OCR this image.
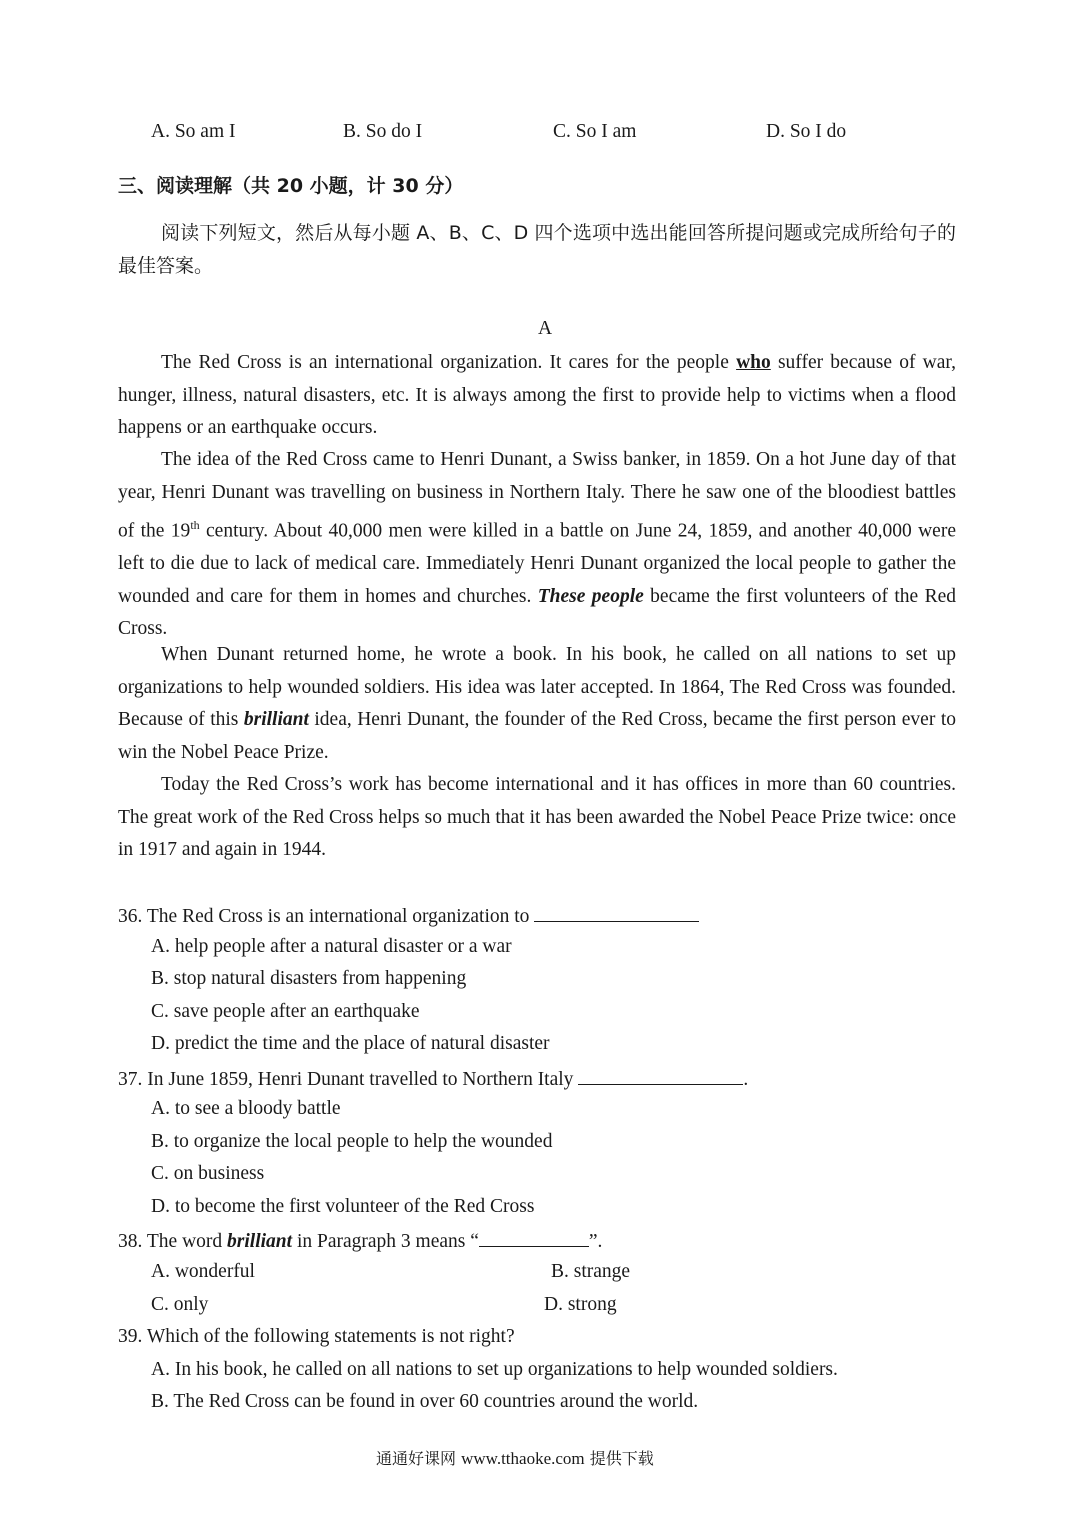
A. So am I	B. So do I	C. So I am	D. So I do
三、阅读理解（共 20 小题，计 30 分）

阅读下列短文，然后从每小题 A、B、C、D 四个选项中选出能回答所提问题或完成所给句子的最佳答案。

A

The Red Cross is an international organization. It cares for the people who suffer because of war, hunger, illness, natural disasters, etc. It is always among the first to provide help to victims when a flood happens or an earthquake occurs.

The idea of the Red Cross came to Henri Dunant, a Swiss banker, in 1859. On a hot June day of that year, Henri Dunant was travelling on business in Northern Italy. There he saw one of the bloodiest battles of the 19th century. About 40,000 men were killed in a battle on June 24, 1859, and another 40,000 were left to die due to lack of medical care. Immediately Henri Dunant organized the local people to gather the wounded and care for them in homes and churches. These people became the first volunteers of the Red Cross.

When Dunant returned home, he wrote a book. In his book, he called on all nations to set up organizations to help wounded soldiers. His idea was later accepted. In 1864, The Red Cross was founded. Because of this brilliant idea, Henri Dunant, the founder of the Red Cross, became the first person ever to win the Nobel Peace Prize.

Today the Red Cross’s work has become international and it has offices in more than 60 countries. The great work of the Red Cross helps so much that it has been awarded the Nobel Peace Prize twice: once in 1917 and again in 1944.

36. The Red Cross is an international organization to
A. help people after a natural disaster or a war
B. stop natural disasters from happening
C. save people after an earthquake
D. predict the time and the place of natural disaster
37. In June 1859, Henri Dunant travelled to Northern Italy	.
A. to see a bloody battle
B. to organize the local people to help the wounded
C. on business
D. to become the first volunteer of the Red Cross
38. The word brilliant in Paragraph 3 means “	”.
A. wonderful	B. strange
C. only	D. strong
39. Which of the following statements is not right?
A. In his book, he called on all nations to set up organizations to help wounded soldiers.
B. The Red Cross can be found in over 60 countries around the world.
通通好课网 www.tthaoke.com 提供下载
